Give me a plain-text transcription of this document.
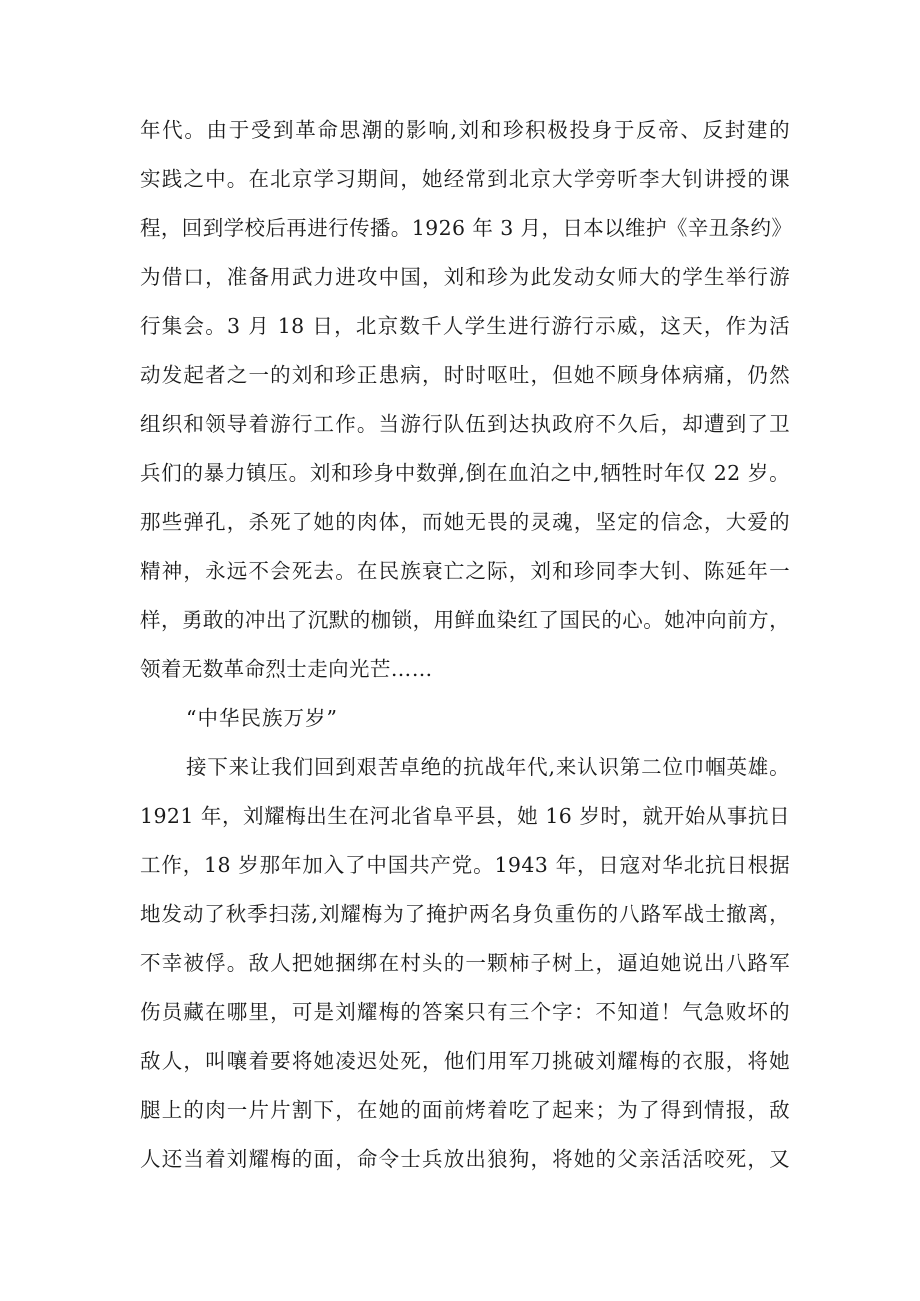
年代。由于受到革命思潮的影响,刘和珍积极投身于反帝、反封建的
实践之中。在北京学习期间，她经常到北京大学旁听李大钊讲授的课
程，回到学校后再进行传播。1926 年 3 月，日本以维护《辛丑条约》
为借口，准备用武力进攻中国，刘和珍为此发动女师大的学生举行游
行集会。3 月 18 日，北京数千人学生进行游行示威，这天，作为活
动发起者之一的刘和珍正患病，时时呕吐，但她不顾身体病痛，仍然
组织和领导着游行工作。当游行队伍到达执政府不久后，却遭到了卫
兵们的暴力镇压。刘和珍身中数弹,倒在血泊之中,牺牲时年仅 22 岁。
那些弹孔，杀死了她的肉体，而她无畏的灵魂，坚定的信念，大爱的
精神，永远不会死去。在民族衰亡之际，刘和珍同李大钊、陈延年一
样，勇敢的冲出了沉默的枷锁，用鲜血染红了国民的心。她冲向前方，
领着无数革命烈士走向光芒……
“中华民族万岁”
接下来让我们回到艰苦卓绝的抗战年代,来认识第二位巾帼英雄。
1921 年，刘耀梅出生在河北省阜平县，她 16 岁时，就开始从事抗日
工作，18 岁那年加入了中国共产党。1943 年，日寇对华北抗日根据
地发动了秋季扫荡,刘耀梅为了掩护两名身负重伤的八路军战士撤离，
不幸被俘。敌人把她捆绑在村头的一颗柿子树上，逼迫她说出八路军
伤员藏在哪里，可是刘耀梅的答案只有三个字：不知道！气急败坏的
敌人，叫嚷着要将她凌迟处死，他们用军刀挑破刘耀梅的衣服，将她
腿上的肉一片片割下，在她的面前烤着吃了起来；为了得到情报，敌
人还当着刘耀梅的面，命令士兵放出狼狗，将她的父亲活活咬死，又
